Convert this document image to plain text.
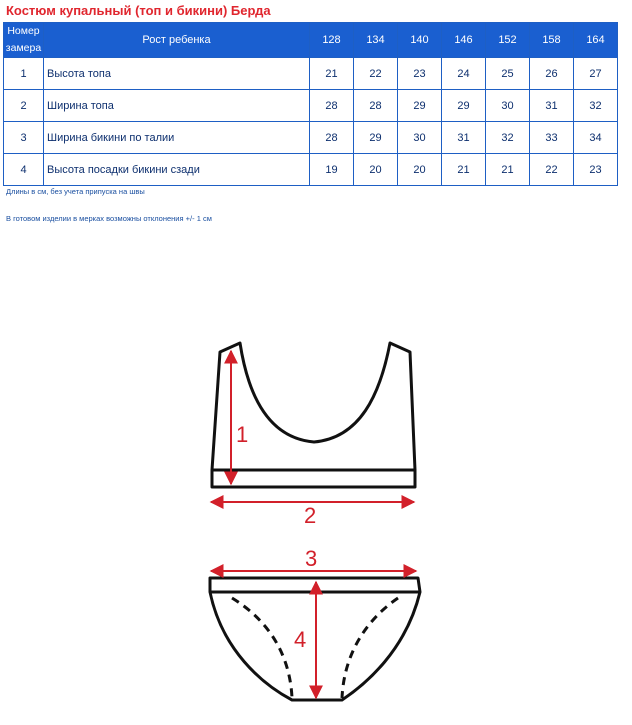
Костюм купальный (топ и бикини) Берда
Номер
замера	Рост ребенка	128	134	140	146	152	158	164
1	Высота топа	21	22	23	24	25	26	27
2	Ширина топа	28	28	29	29	30	31	32
3	Ширина бикини по талии	28	29	30	31	32	33	34
4	Высота посадки бикини сзади	19	20	20	21	21	22	23
Длины в см, без учета припуска на швы
В готовом изделии в мерках возможны отклонения +/- 1 см
1
2
3
4
